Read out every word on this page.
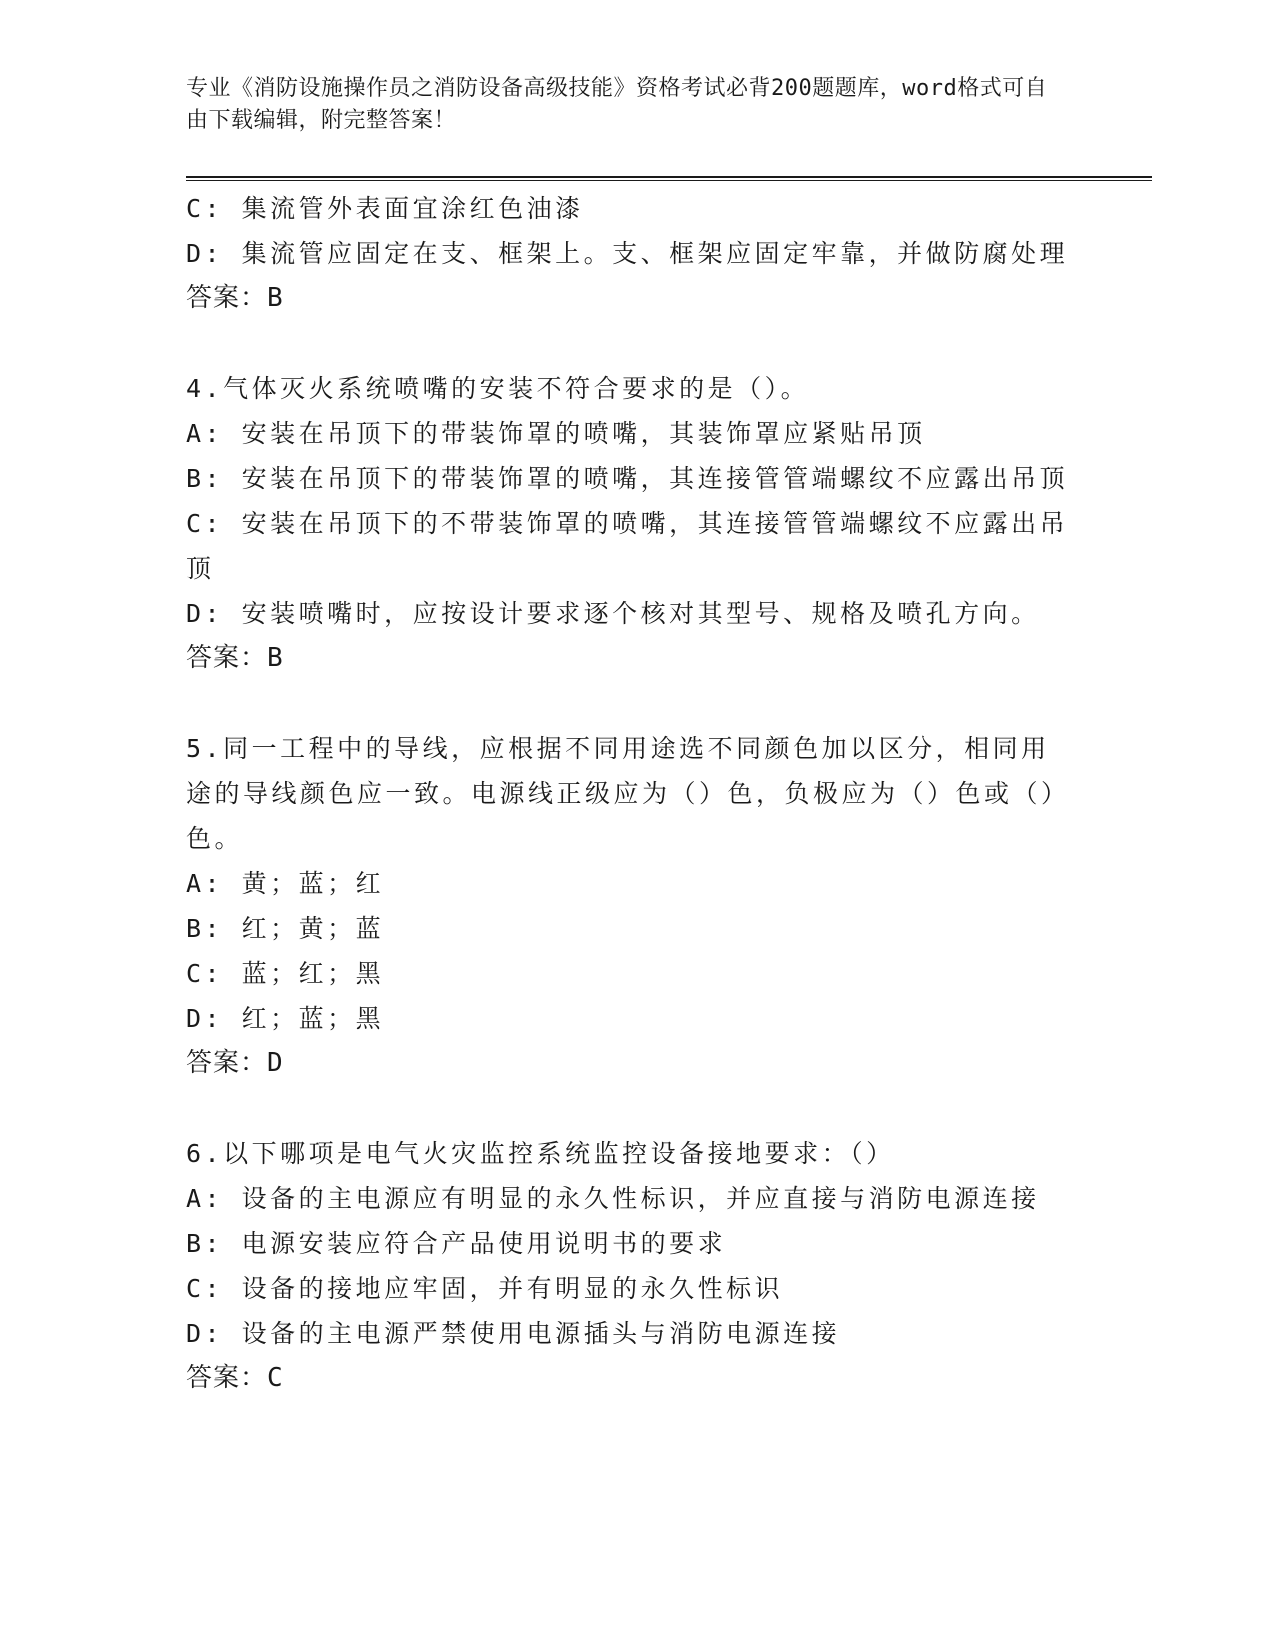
专业《消防设施操作员之消防设备高级技能》资格考试必背200题题库，word格式可自由下载编辑，附完整答案！
C: 集流管外表面宜涂红色油漆
D: 集流管应固定在支、框架上。支、框架应固定牢靠，并做防腐处理
答案：B
4.气体灭火系统喷嘴的安装不符合要求的是（）。
A: 安装在吊顶下的带装饰罩的喷嘴，其装饰罩应紧贴吊顶
B: 安装在吊顶下的带装饰罩的喷嘴，其连接管管端螺纹不应露出吊顶
C: 安装在吊顶下的不带装饰罩的喷嘴，其连接管管端螺纹不应露出吊顶
D: 安装喷嘴时，应按设计要求逐个核对其型号、规格及喷孔方向。
答案：B
5.同一工程中的导线，应根据不同用途选不同颜色加以区分，相同用途的导线颜色应一致。电源线正级应为（）色，负极应为（）色或（）色。
A: 黄；蓝；红
B: 红；黄；蓝
C: 蓝；红；黑
D: 红；蓝；黑
答案：D
6.以下哪项是电气火灾监控系统监控设备接地要求：（）
A: 设备的主电源应有明显的永久性标识，并应直接与消防电源连接
B: 电源安装应符合产品使用说明书的要求
C: 设备的接地应牢固，并有明显的永久性标识
D: 设备的主电源严禁使用电源插头与消防电源连接
答案：C
